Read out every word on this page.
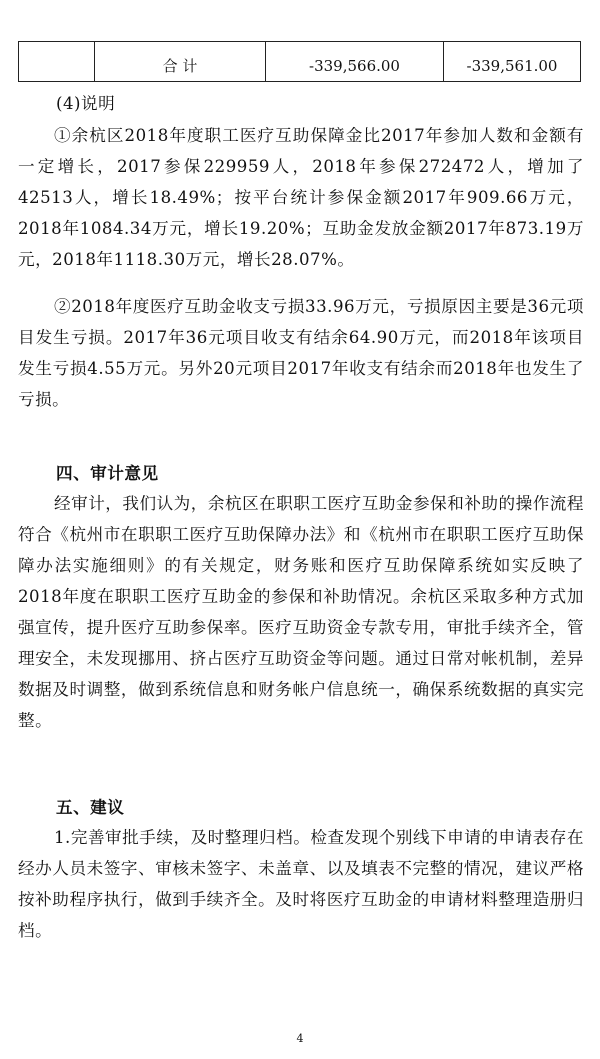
	合 计	-339,566.00	-339,561.00

(4)说明

①余杭区2018年度职工医疗互助保障金比2017年参加人数和金额有一定增长，2017参保229959人，2018年参保272472人，增加了42513人，增长18.49%；按平台统计参保金额2017年909.66万元，2018年1084.34万元，增长19.20%；互助金发放金额2017年873.19万元，2018年1118.30万元，增长28.07%。

②2018年度医疗互助金收支亏损33.96万元，亏损原因主要是36元项目发生亏损。2017年36元项目收支有结余64.90万元，而2018年该项目发生亏损4.55万元。另外20元项目2017年收支有结余而2018年也发生了亏损。

四、审计意见

经审计，我们认为，余杭区在职职工医疗互助金参保和补助的操作流程符合《杭州市在职职工医疗互助保障办法》和《杭州市在职职工医疗互助保障办法实施细则》的有关规定，财务账和医疗互助保障系统如实反映了2018年度在职职工医疗互助金的参保和补助情况。余杭区采取多种方式加强宣传，提升医疗互助参保率。医疗互助资金专款专用，审批手续齐全，管理安全，未发现挪用、挤占医疗互助资金等问题。通过日常对帐机制，差异数据及时调整，做到系统信息和财务帐户信息统一，确保系统数据的真实完整。

五、建议

1.完善审批手续，及时整理归档。检查发现个别线下申请的申请表存在经办人员未签字、审核未签字、未盖章、以及填表不完整的情况，建议严格按补助程序执行，做到手续齐全。及时将医疗互助金的申请材料整理造册归档。

4
